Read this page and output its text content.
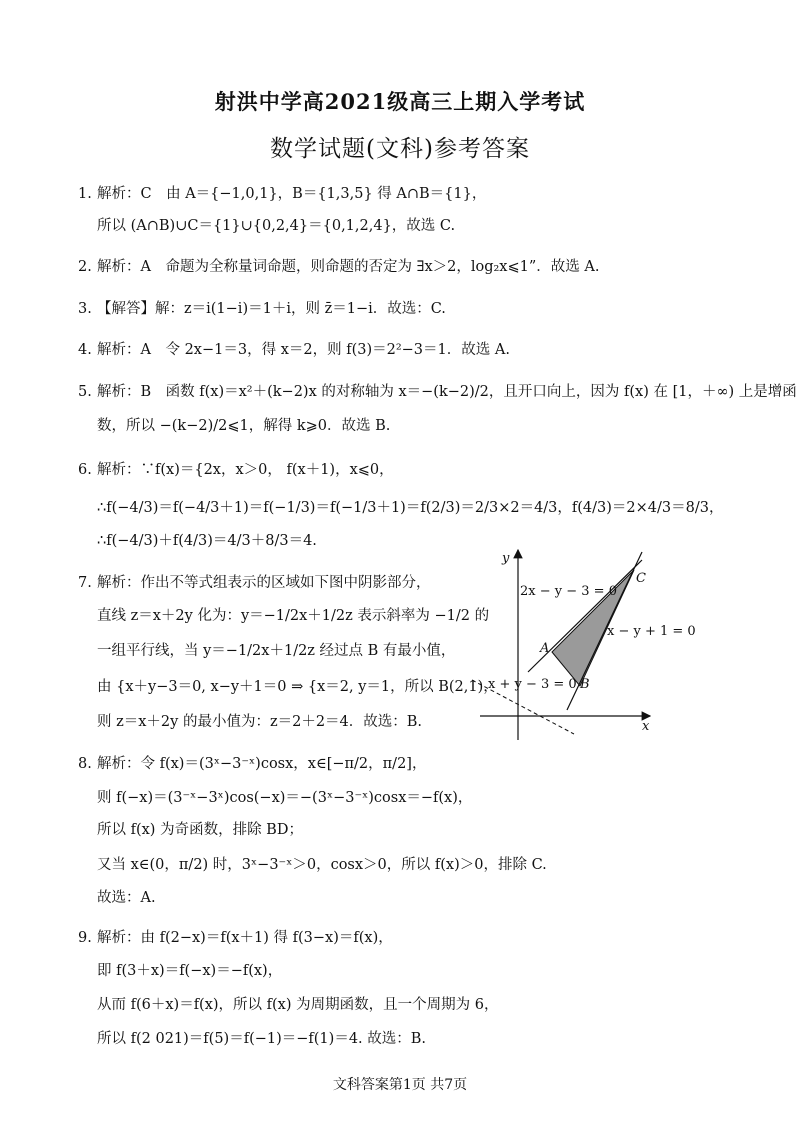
射洪中学高2021级高三上期入学考试
数学试题(文科)参考答案
1. 解析：C　由 A＝{−1,0,1}，B＝{1,3,5} 得 A∩B＝{1}，
所以 (A∩B)∪C＝{1}∪{0,2,4}＝{0,1,2,4}，故选 C.
2. 解析：A　命题为全称量词命题，则命题的否定为 ∃x＞2，log₂x⩽1”．故选 A.
3. 【解答】解：z＝i(1−i)＝1＋i，则 z̄＝1−i．故选：C.
4. 解析：A　令 2x−1＝3，得 x＝2，则 f(3)＝2²−3＝1．故选 A.
5. 解析：B　函数 f(x)＝x²＋(k−2)x 的对称轴为 x＝−(k−2)/2，且开口向上，因为 f(x) 在 [1，＋∞) 上是增函
数，所以 −(k−2)/2⩽1，解得 k⩾0．故选 B.
6. 解析：∵f(x)＝{2x，x＞0， f(x＋1)，x⩽0，
∴f(−4/3)＝f(−4/3＋1)＝f(−1/3)＝f(−1/3＋1)＝f(2/3)＝2/3×2＝4/3，f(4/3)＝2×4/3＝8/3，
∴f(−4/3)＋f(4/3)＝4/3＋8/3＝4.
7. 解析：作出不等式组表示的区域如下图中阴影部分，
直线 z＝x＋2y 化为：y＝−1/2x＋1/2z 表示斜率为 −1/2 的
一组平行线，当 y＝−1/2x＋1/2z 经过点 B 有最小值，
由 {x＋y−3＝0, x−y＋1＝0 ⇒ {x＝2, y＝1，所以 B(2,1)，
则 z＝x＋2y 的最小值为：z＝2＋2＝4．故选：B.
y
x
2x − y − 3 = 0
x − y + 1 = 0
x + y − 3 = 0
A
B
C
8. 解析：令 f(x)＝(3ˣ−3⁻ˣ)cosx，x∈[−π/2，π/2]，
则 f(−x)＝(3⁻ˣ−3ˣ)cos(−x)＝−(3ˣ−3⁻ˣ)cosx＝−f(x)，
所以 f(x) 为奇函数，排除 BD；
又当 x∈(0，π/2) 时，3ˣ−3⁻ˣ＞0，cosx＞0，所以 f(x)＞0，排除 C.
故选：A.
9. 解析：由 f(2−x)＝f(x＋1) 得 f(3−x)＝f(x)，
即 f(3＋x)＝f(−x)＝−f(x)，
从而 f(6＋x)＝f(x)，所以 f(x) 为周期函数，且一个周期为 6，
所以 f(2 021)＝f(5)＝f(−1)＝−f(1)＝4. 故选：B.
文科答案第1页 共7页
